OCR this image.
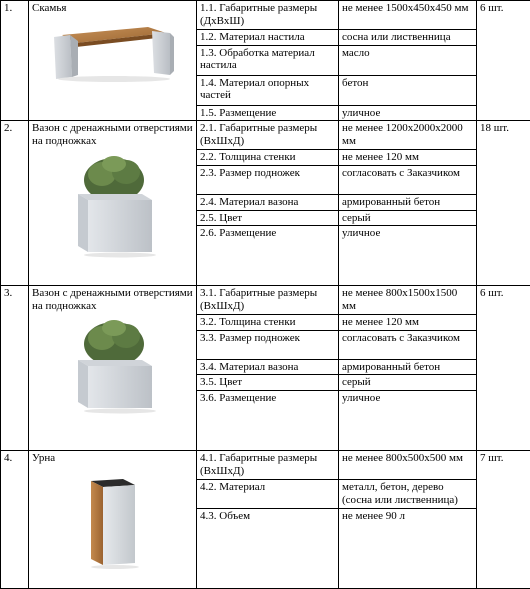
1.	Скамья	1.1. Габаритные размеры (ДхВхШ)	не менее 1500х450х450 мм	6 шт.
		1.2. Материал настила	сосна или лиственница	
		1.3. Обработка материал настила	масло	
		1.4. Материал опорных частей	бетон	
		1.5. Размещение	уличное	
2.	Вазон с дренажными отверстиями на подножках	2.1. Габаритные размеры (ВхШхД)	не менее 1200х2000х2000 мм	18 шт.
		2.2. Толщина стенки	не менее 120 мм	
		2.3. Размер подножек	согласовать с Заказчиком	
		2.4. Материал вазона	армированный бетон	
		2.5. Цвет	серый	
		2.6. Размещение	уличное	
3.	Вазон с дренажными отверстиями на подножках	3.1. Габаритные размеры (ВхШхД)	не менее 800х1500х1500 мм	6 шт.
		3.2. Толщина стенки	не менее 120 мм	
		3.3. Размер подножек	согласовать с Заказчиком	
		3.4. Материал вазона	армированный бетон	
		3.5. Цвет	серый	
		3.6. Размещение	уличное	
4.	Урна	4.1. Габаритные размеры (ВхШхД)	не менее 800х500х500 мм	7 шт.
		4.2. Материал	металл, бетон, дерево (сосна или лиственница)	
		4.3. Объем	не менее 90 л	
